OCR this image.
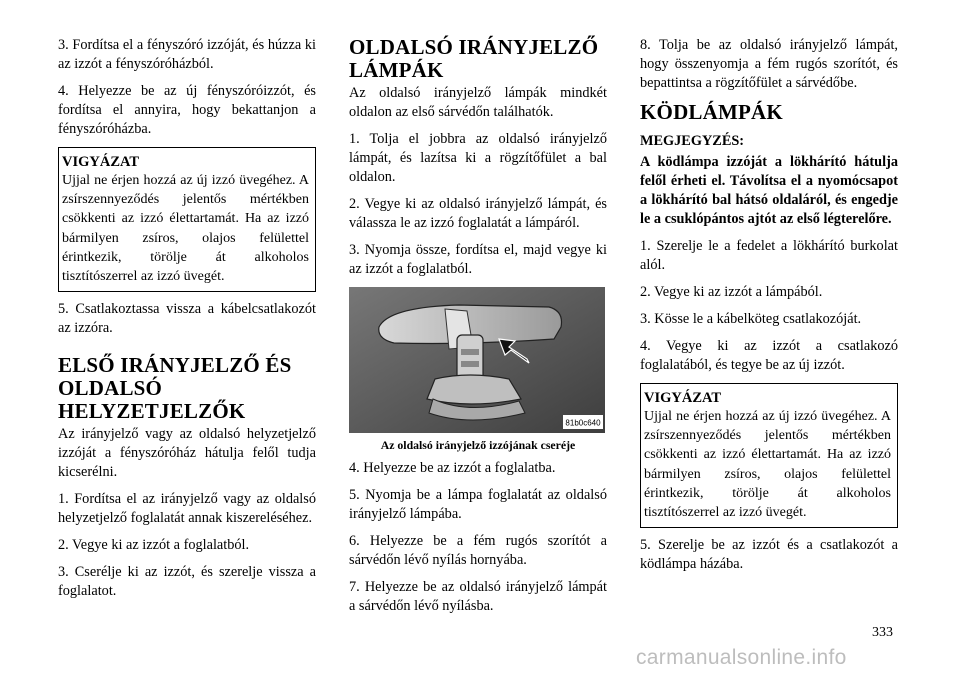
3. Fordítsa el a fényszóró izzóját, és húzza ki az izzót a fényszóróházból.

4. Helyezze be az új fényszóróizzót, és fordítsa el annyira, hogy bekattanjon a fényszóróházba.

VIGYÁZAT
Ujjal ne érjen hozzá az új izzó üvegéhez. A zsírszennyeződés jelentős mértékben csökkenti az izzó élettartamát. Ha az izzó bármilyen zsíros, olajos felülettel érintkezik, törölje át alkoholos tisztítószerrel az izzó üvegét.

5. Csatlakoztassa vissza a kábelcsatlakozót az izzóra.

ELSŐ IRÁNYJELZŐ ÉS OLDALSÓ HELYZETJELZŐK

Az irányjelző vagy az oldalsó helyzetjelző izzóját a fényszóróház hátulja felől tudja kicserélni.

1. Fordítsa el az irányjelző vagy az oldalsó helyzetjelző foglalatát annak kiszereléséhez.

2. Vegye ki az izzót a foglalatból.

3. Cserélje ki az izzót, és szerelje vissza a foglalatot.

OLDALSÓ IRÁNYJELZŐ LÁMPÁK

Az oldalsó irányjelző lámpák mindkét oldalon az első sárvédőn találhatók.

1. Tolja el jobbra az oldalsó irányjelző lámpát, és lazítsa ki a rögzítőfület a bal oldalon.

2. Vegye ki az oldalsó irányjelző lámpát, és válassza le az izzó foglalatát a lámpáról.

3. Nyomja össze, fordítsa el, majd vegye ki az izzót a foglalatból.

81b0c640
Az oldalsó irányjelző izzójának cseréje

4. Helyezze be az izzót a foglalatba.

5. Nyomja be a lámpa foglalatát az oldalsó irányjelző lámpába.

6. Helyezze be a fém rugós szorítót a sárvédőn lévő nyílás hornyába.

7. Helyezze be az oldalsó irányjelző lámpát a sárvédőn lévő nyílásba.

8. Tolja be az oldalsó irányjelző lámpát, hogy összenyomja a fém rugós szorítót, és bepattintsa a rögzítőfület a sárvédőbe.

KÖDLÁMPÁK
MEGJEGYZÉS:
A ködlámpa izzóját a lökhárító hátulja felől érheti el. Távolítsa el a nyomócsapot a lökhárító bal hátsó oldaláról, és engedje le a csuklópántos ajtót az első légterelőre.

1. Szerelje le a fedelet a lökhárító burkolat alól.

2. Vegye ki az izzót a lámpából.

3. Kösse le a kábelköteg csatlakozóját.

4. Vegye ki az izzót a csatlakozó foglalatából, és tegye be az új izzót.

VIGYÁZAT
Ujjal ne érjen hozzá az új izzó üvegéhez. A zsírszennyeződés jelentős mértékben csökkenti az izzó élettartamát. Ha az izzó bármilyen zsíros, olajos felülettel érintkezik, törölje át alkoholos tisztítószerrel az izzó üvegét.

5. Szerelje be az izzót és a csatlakozót a ködlámpa házába.

333
carmanualsonline.info
